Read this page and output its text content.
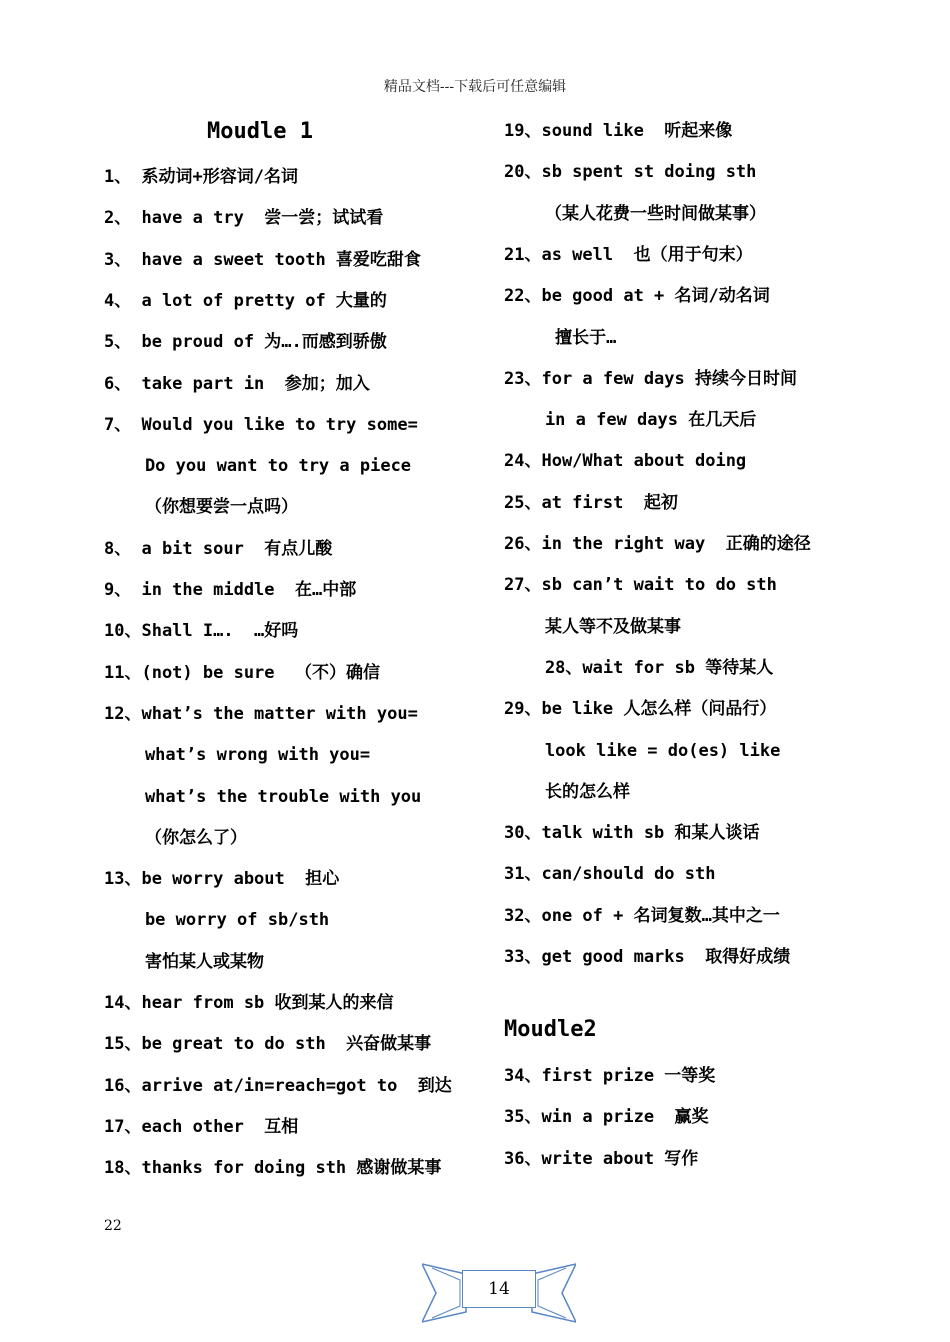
精品文档---下载后可任意编辑
Moudle 1
1、 系动词+形容词/名词
2、 have a try  尝一尝；试试看
3、 have a sweet tooth 喜爱吃甜食
4、 a lot of pretty of 大量的
5、 be proud of 为….而感到骄傲
6、 take part in  参加；加入
7、 Would you like to try some=
Do you want to try a piece
（你想要尝一点吗）
8、 a bit sour  有点儿酸
9、 in the middle  在…中部
10、Shall I….  …好吗
11、(not) be sure  （不）确信
12、what’s the matter with you=
what’s wrong with you=
what’s the trouble with you
（你怎么了）
13、be worry about  担心
be worry of sb/sth
害怕某人或某物
14、hear from sb 收到某人的来信
15、be great to do sth  兴奋做某事
16、arrive at/in=reach=got to  到达
17、each other  互相
18、thanks for doing sth 感谢做某事
19、sound like  听起来像
20、sb spent st doing sth
（某人花费一些时间做某事）
21、as well  也（用于句末）
22、be good at + 名词/动名词
擅长于…
23、for a few days 持续今日时间
in a few days 在几天后
24、How/What about doing
25、at first  起初
26、in the right way  正确的途径
27、sb can’t wait to do sth
某人等不及做某事
28、wait for sb 等待某人
29、be like 人怎么样（问品行）
look like = do(es) like
长的怎么样
30、talk with sb 和某人谈话
31、can/should do sth
32、one of + 名词复数…其中之一
33、get good marks  取得好成绩
Moudle2
34、first prize 一等奖
35、win a prize  赢奖
36、write about 写作
22
14
